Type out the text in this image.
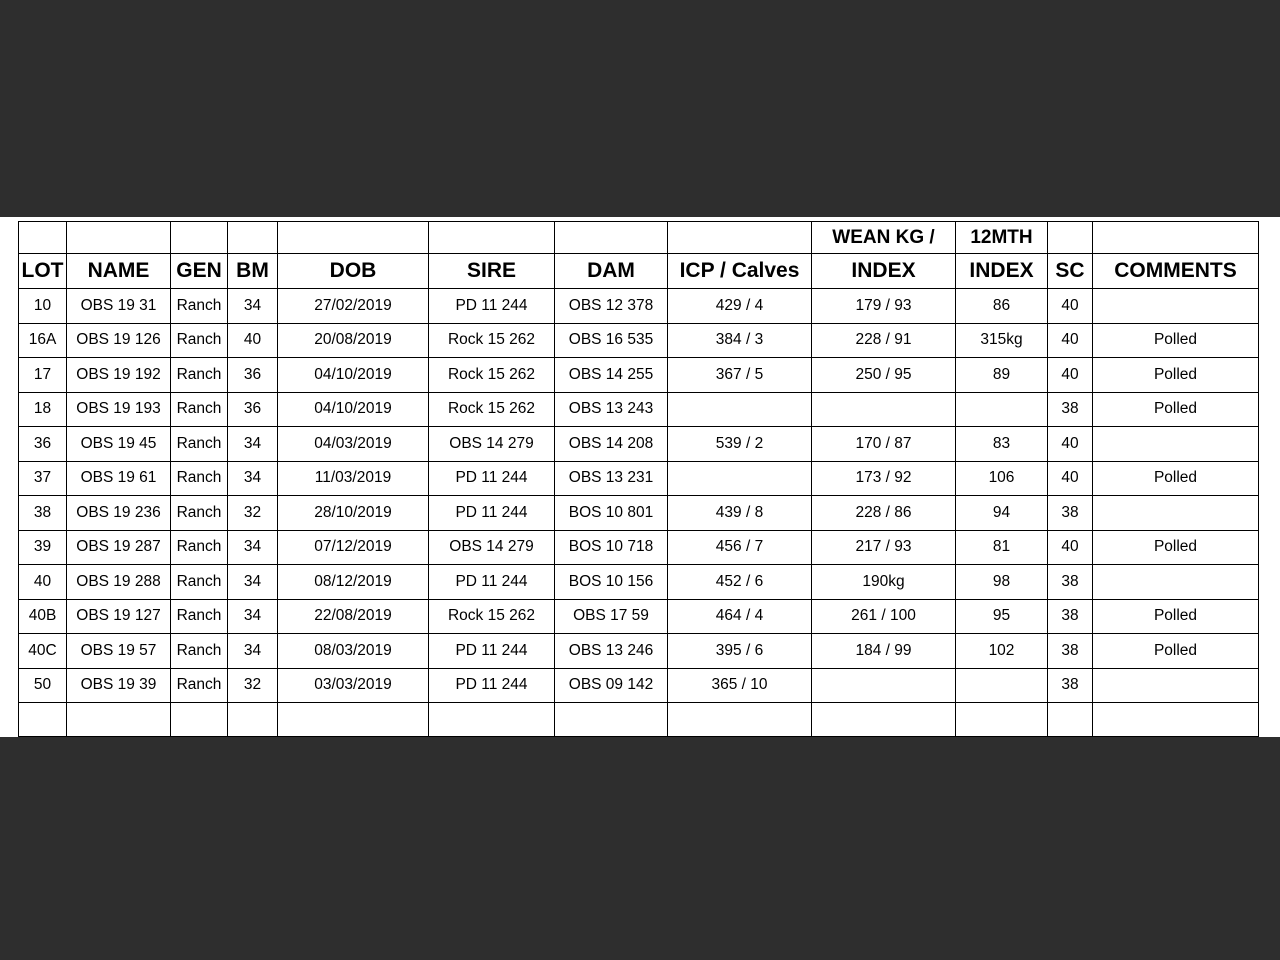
								WEAN KG /	12MTH		
LOT	NAME	GEN	BM	DOB	SIRE	DAM	ICP / Calves	INDEX	INDEX	SC	COMMENTS
10	OBS 19 31	Ranch	34	27/02/2019	PD 11 244	OBS 12 378	429 / 4	179 / 93	86	40	
16A	OBS 19 126	Ranch	40	20/08/2019	Rock 15 262	OBS 16 535	384 / 3	228 / 91	315kg	40	Polled
17	OBS 19 192	Ranch	36	04/10/2019	Rock 15 262	OBS 14 255	367 / 5	250 / 95	89	40	Polled
18	OBS 19 193	Ranch	36	04/10/2019	Rock 15 262	OBS 13 243				38	Polled
36	OBS 19 45	Ranch	34	04/03/2019	OBS 14 279	OBS 14 208	539 / 2	170 / 87	83	40	
37	OBS 19 61	Ranch	34	11/03/2019	PD 11 244	OBS 13 231		173 / 92	106	40	Polled
38	OBS 19 236	Ranch	32	28/10/2019	PD 11 244	BOS 10 801	439 / 8	228 / 86	94	38	
39	OBS 19 287	Ranch	34	07/12/2019	OBS 14 279	BOS 10 718	456 / 7	217 / 93	81	40	Polled
40	OBS 19 288	Ranch	34	08/12/2019	PD 11 244	BOS 10 156	452 / 6	190kg	98	38	
40B	OBS 19 127	Ranch	34	22/08/2019	Rock 15 262	OBS 17 59	464 / 4	261 / 100	95	38	Polled
40C	OBS 19 57	Ranch	34	08/03/2019	PD 11 244	OBS 13 246	395 / 6	184 / 99	102	38	Polled
50	OBS 19 39	Ranch	32	03/03/2019	PD 11 244	OBS 09 142	365 / 10			38	
